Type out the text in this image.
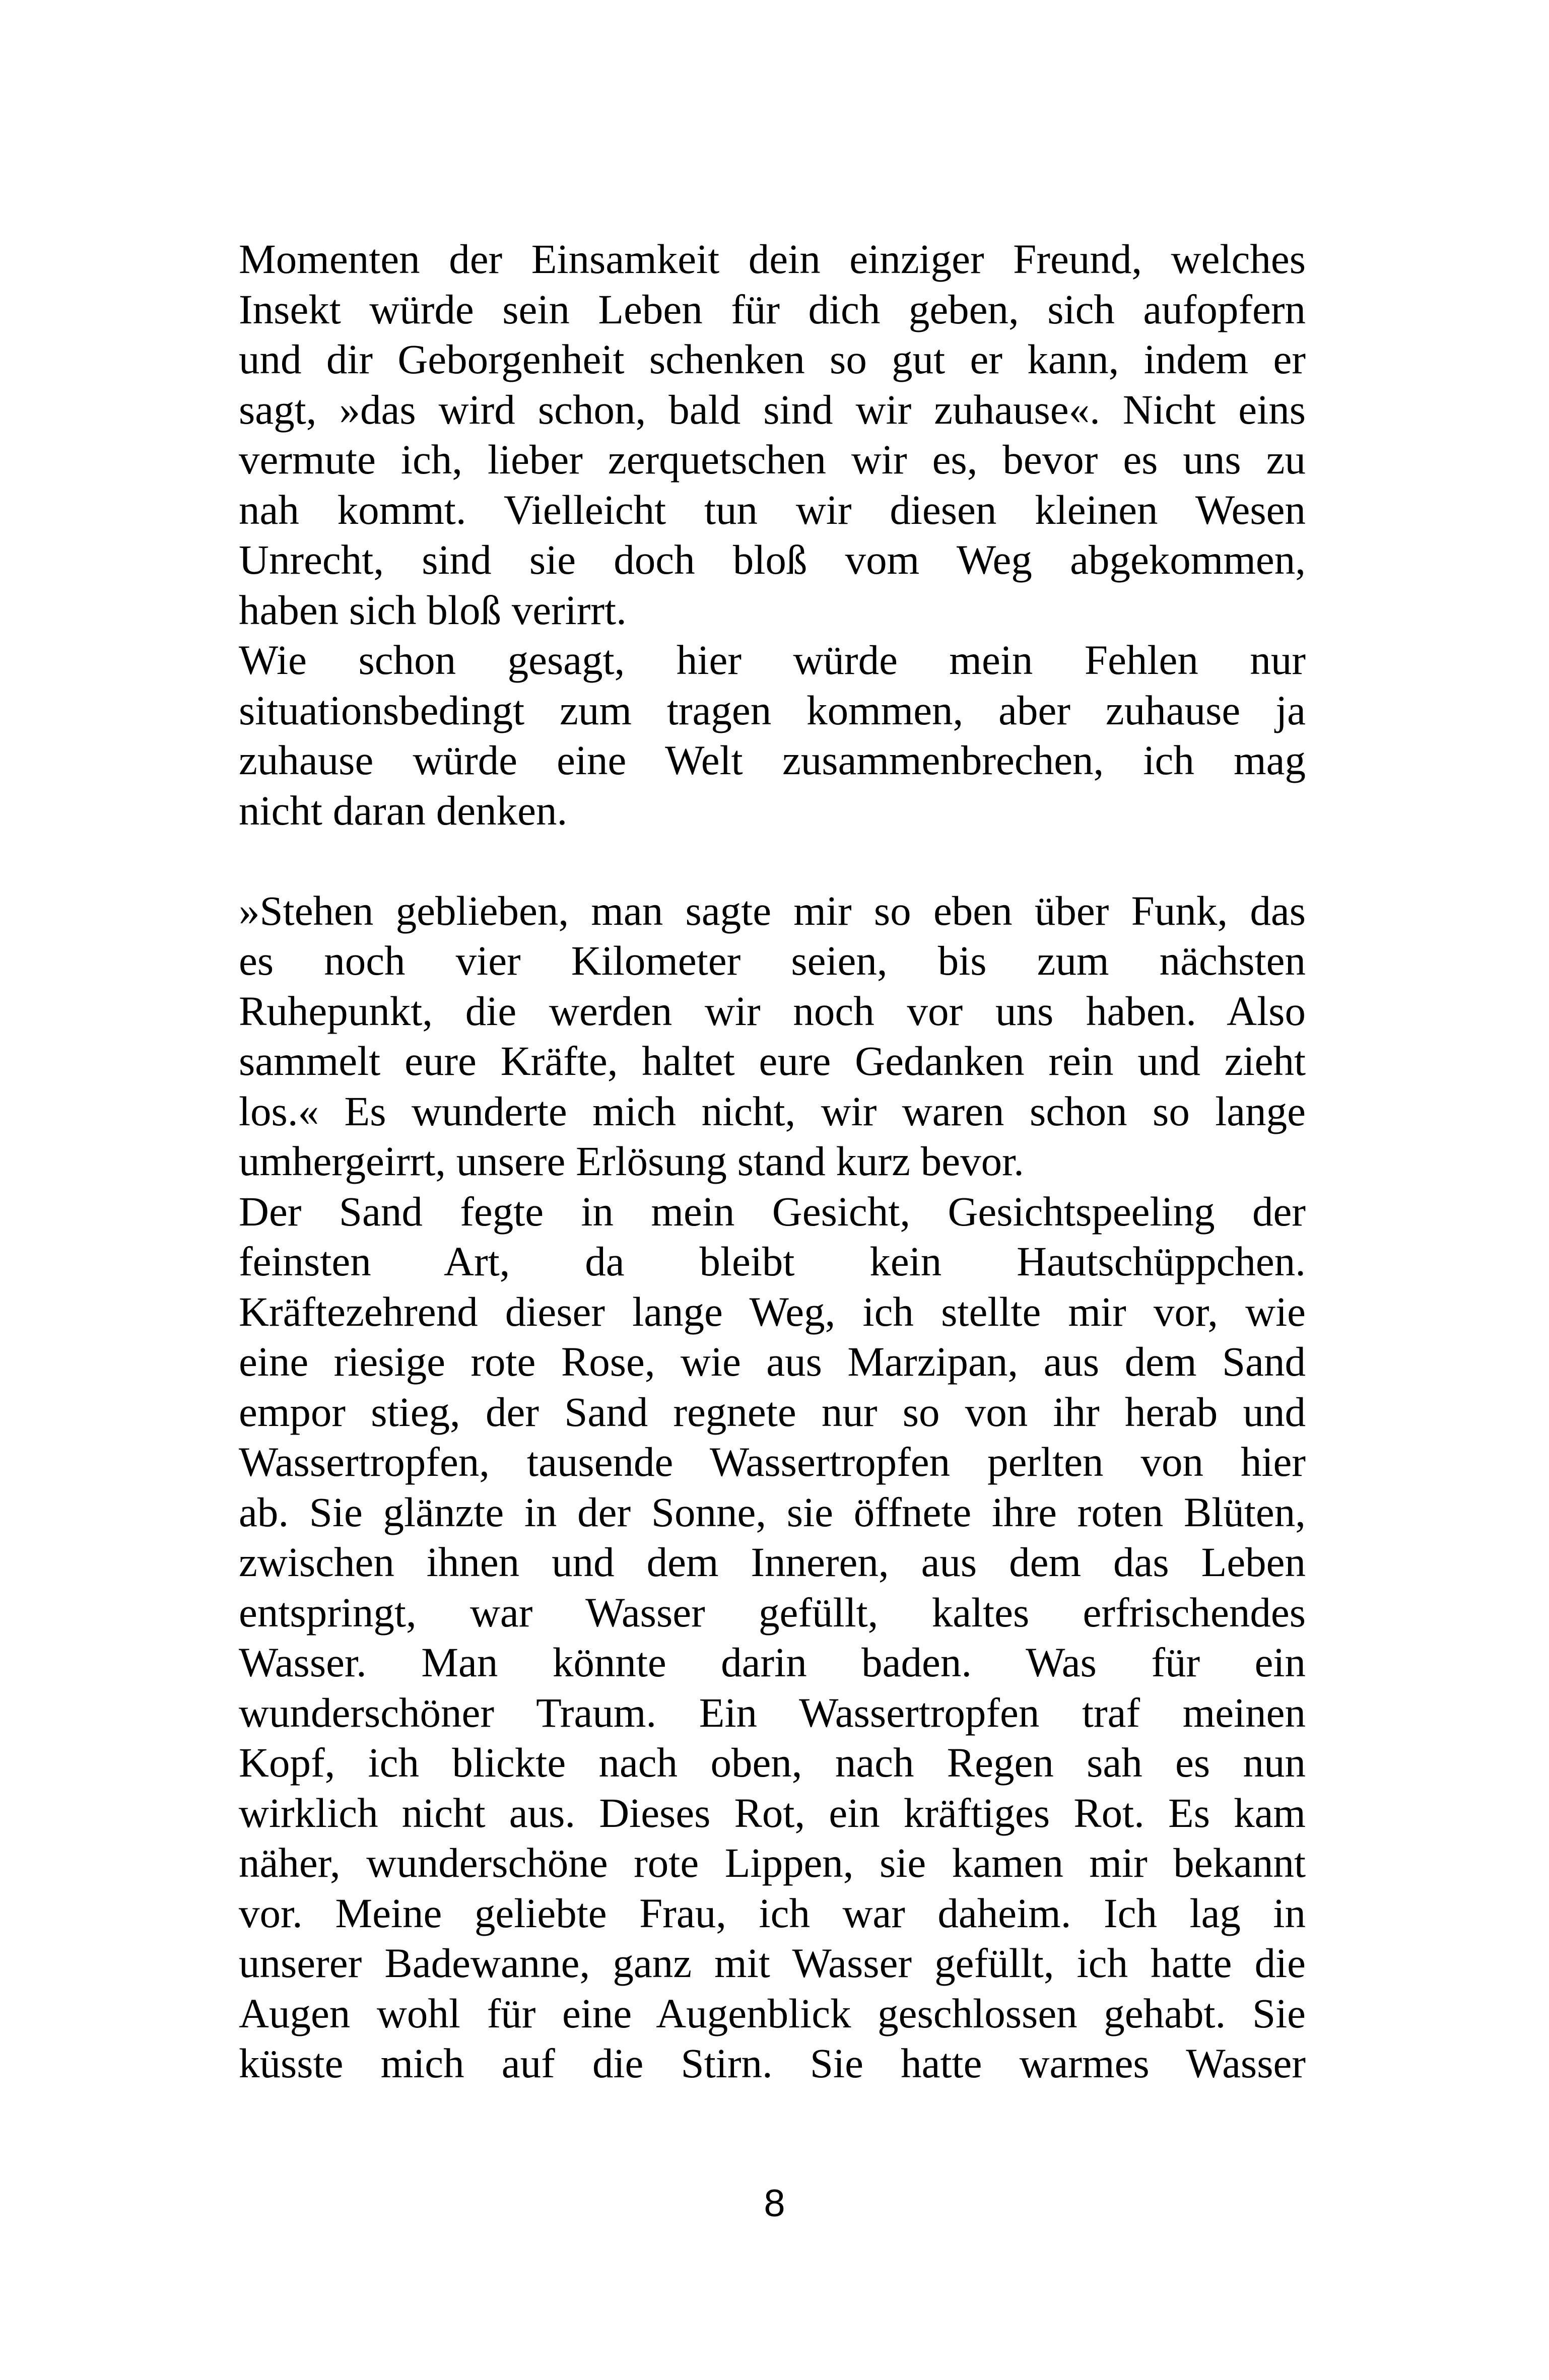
Momenten der Einsamkeit dein einziger Freund, welches
Insekt würde sein Leben für dich geben, sich aufopfern
und dir Geborgenheit schenken so gut er kann, indem er
sagt, »das wird schon, bald sind wir zuhause«. Nicht eins
vermute ich, lieber zerquetschen wir es, bevor es uns zu
nah kommt. Vielleicht tun wir diesen kleinen Wesen
Unrecht, sind sie doch bloß vom Weg abgekommen,
haben sich bloß verirrt.
Wie schon gesagt, hier würde mein Fehlen nur
situationsbedingt zum tragen kommen, aber zuhause ja
zuhause würde eine Welt zusammenbrechen, ich mag
nicht daran denken.
»Stehen geblieben, man sagte mir so eben über Funk, das
es noch vier Kilometer seien, bis zum nächsten
Ruhepunkt, die werden wir noch vor uns haben. Also
sammelt eure Kräfte, haltet eure Gedanken rein und zieht
los.« Es wunderte mich nicht, wir waren schon so lange
umhergeirrt, unsere Erlösung stand kurz bevor.
Der Sand fegte in mein Gesicht, Gesichtspeeling der
feinsten Art, da bleibt kein Hautschüppchen.
Kräftezehrend dieser lange Weg, ich stellte mir vor, wie
eine riesige rote Rose, wie aus Marzipan, aus dem Sand
empor stieg, der Sand regnete nur so von ihr herab und
Wassertropfen, tausende Wassertropfen perlten von hier
ab. Sie glänzte in der Sonne, sie öffnete ihre roten Blüten,
zwischen ihnen und dem Inneren, aus dem das Leben
entspringt, war Wasser gefüllt, kaltes erfrischendes
Wasser. Man könnte darin baden. Was für ein
wunderschöner Traum. Ein Wassertropfen traf meinen
Kopf, ich blickte nach oben, nach Regen sah es nun
wirklich nicht aus. Dieses Rot, ein kräftiges Rot. Es kam
näher, wunderschöne rote Lippen, sie kamen mir bekannt
vor. Meine geliebte Frau, ich war daheim. Ich lag in
unserer Badewanne, ganz mit Wasser gefüllt, ich hatte die
Augen wohl für eine Augenblick geschlossen gehabt. Sie
küsste mich auf die Stirn. Sie hatte warmes Wasser
8
